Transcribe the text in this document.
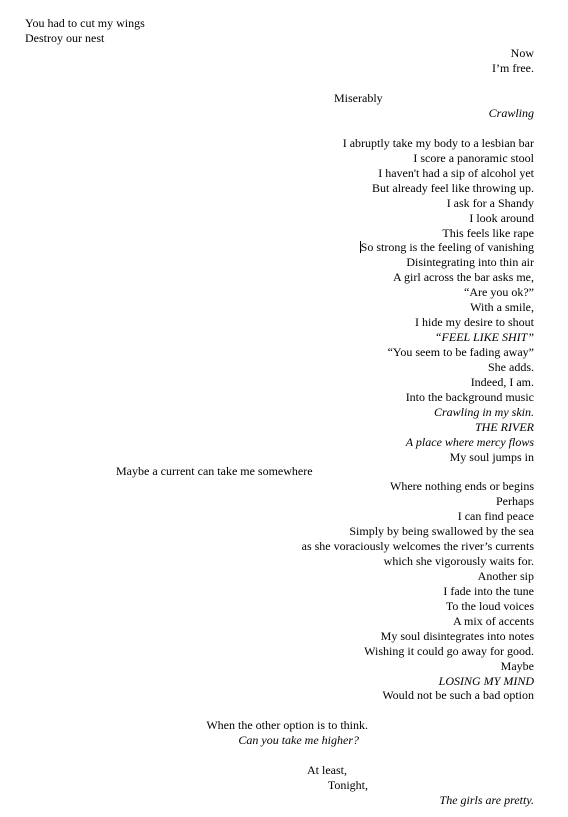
You had to cut my wings
Destroy our nest
Now
I’m free.
Miserably
Crawling
I abruptly take my body to a lesbian bar
I score a panoramic stool
I haven't had a sip of alcohol yet
But already feel like throwing up.
I ask for a Shandy
I look around
This feels like rape
So strong is the feeling of vanishing
Disintegrating into thin air
A girl across the bar asks me,
“Are you ok?”
With a smile,
I hide my desire to shout
“FEEL LIKE SHIT”
“You seem to be fading away”
She adds.
Indeed, I am.
Into the background music
Crawling in my skin.
THE RIVER
A place where mercy flows
My soul jumps in
Maybe a current can take me somewhere
Where nothing ends or begins
Perhaps
I can find peace
Simply by being swallowed by the sea
as she voraciously welcomes the river’s currents
which she vigorously waits for.
Another sip
I fade into the tune
To the loud voices
A mix of accents
My soul disintegrates into notes
Wishing it could go away for good.
Maybe
LOSING MY MIND
Would not be such a bad option
When the other option is to think.
Can you take me higher?
At least,
Tonight,
The girls are pretty.
